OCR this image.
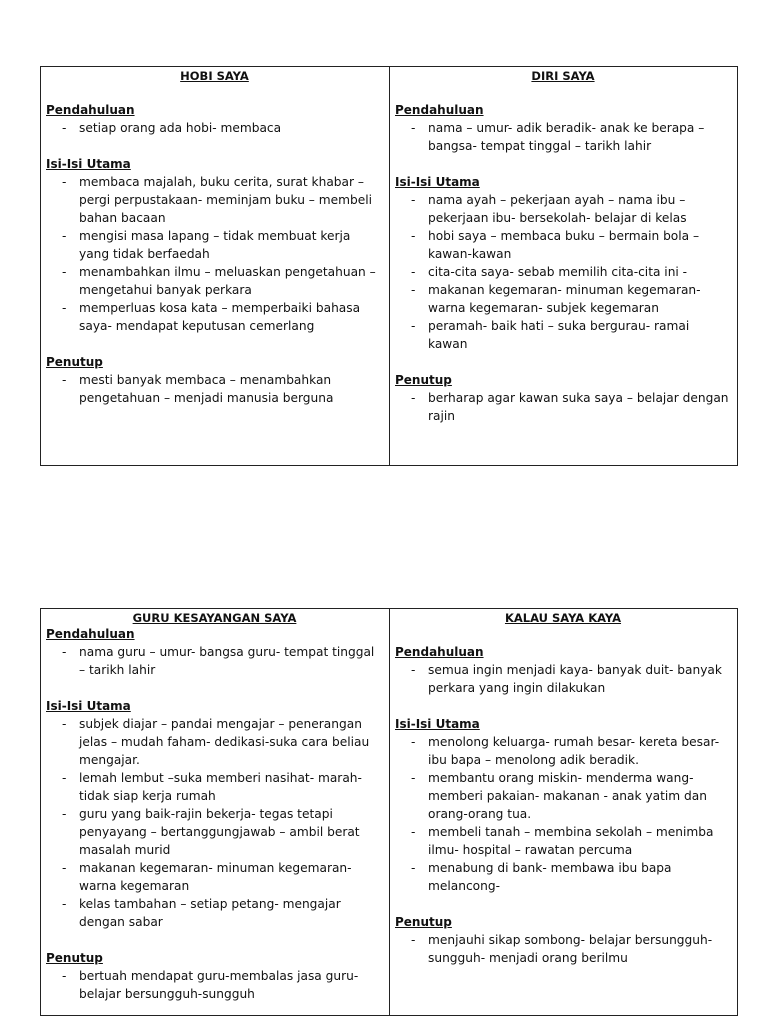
HOBI SAYA
Pendahuluan
- setiap orang ada hobi- membaca
Isi-Isi Utama
- membaca majalah, buku cerita, surat khabar – pergi perpustakaan- meminjam buku – membeli bahan bacaan
- mengisi masa lapang – tidak membuat kerja yang tidak berfaedah
- menambahkan ilmu – meluaskan pengetahuan – mengetahui banyak perkara
- memperluas kosa kata – memperbaiki bahasa saya- mendapat keputusan cemerlang
Penutup
- mesti banyak membaca – menambahkan pengetahuan – menjadi manusia berguna
DIRI SAYA
Pendahuluan
- nama – umur- adik beradik- anak ke berapa – bangsa- tempat tinggal – tarikh lahir
Isi-Isi Utama
- nama ayah – pekerjaan ayah – nama ibu – pekerjaan ibu- bersekolah- belajar di kelas
- hobi saya – membaca buku – bermain bola – kawan-kawan
- cita-cita saya- sebab memilih cita-cita ini -
- makanan kegemaran- minuman kegemaran- warna kegemaran- subjek kegemaran
- peramah- baik hati – suka bergurau- ramai kawan
Penutup
- berharap agar kawan suka saya – belajar dengan rajin
GURU KESAYANGAN SAYA
Pendahuluan
- nama guru – umur- bangsa guru- tempat tinggal – tarikh lahir
Isi-Isi Utama
- subjek diajar – pandai mengajar – penerangan jelas – mudah faham- dedikasi-suka cara beliau mengajar.
- lemah lembut –suka memberi nasihat- marah-tidak siap kerja rumah
- guru yang baik-rajin bekerja- tegas tetapi penyayang – bertanggungjawab – ambil berat masalah murid
- makanan kegemaran- minuman kegemaran- warna kegemaran
- kelas tambahan – setiap petang- mengajar dengan sabar
Penutup
- bertuah mendapat guru-membalas jasa guru-belajar bersungguh-sungguh
KALAU SAYA KAYA
Pendahuluan
- semua ingin menjadi kaya- banyak duit- banyak perkara yang ingin dilakukan
Isi-Isi Utama
- menolong keluarga- rumah besar- kereta besar- ibu bapa – menolong adik beradik.
- membantu orang miskin- menderma wang- memberi pakaian- makanan - anak yatim dan orang-orang tua.
- membeli tanah – membina sekolah – menimba ilmu- hospital – rawatan percuma
- menabung di bank- membawa ibu bapa melancong-
Penutup
- menjauhi sikap sombong- belajar bersungguh-sungguh- menjadi orang berilmu
